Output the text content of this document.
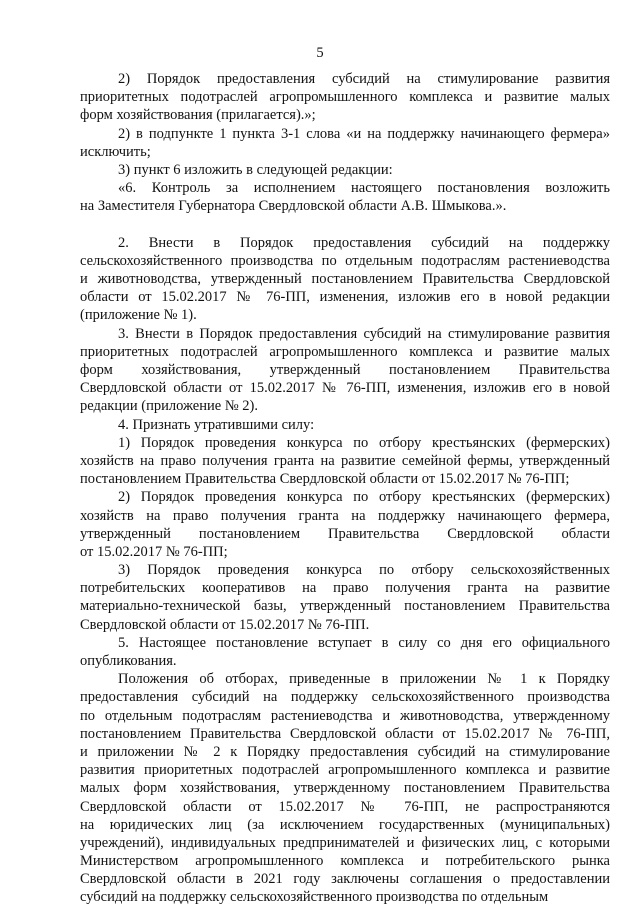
5
2) Порядок предоставления субсидий на стимулирование развития
приоритетных подотраслей агропромышленного комплекса и развитие малых
форм хозяйствования (прилагается).»;
2) в подпункте 1 пункта 3-1 слова «и на поддержку начинающего фермера»
исключить;
3) пункт 6 изложить в следующей редакции:
«6. Контроль за исполнением настоящего постановления возложить
на Заместителя Губернатора Свердловской области А.В. Шмыкова.».
2. Внести в Порядок предоставления субсидий на поддержку
сельскохозяйственного производства по отдельным подотраслям растениеводства
и животноводства, утвержденный постановлением Правительства Свердловской
области от 15.02.2017 № 76-ПП, изменения, изложив его в новой редакции
(приложение № 1).
3. Внести в Порядок предоставления субсидий на стимулирование развития
приоритетных подотраслей агропромышленного комплекса и развитие малых
форм хозяйствования, утвержденный постановлением Правительства
Свердловской области от 15.02.2017 № 76-ПП, изменения, изложив его в новой
редакции (приложение № 2).
4. Признать утратившими силу:
1) Порядок проведения конкурса по отбору крестьянских (фермерских)
хозяйств на право получения гранта на развитие семейной фермы, утвержденный
постановлением Правительства Свердловской области от 15.02.2017 № 76-ПП;
2) Порядок проведения конкурса по отбору крестьянских (фермерских)
хозяйств на право получения гранта на поддержку начинающего фермера,
утвержденный постановлением Правительства Свердловской области
от 15.02.2017 № 76-ПП;
3) Порядок проведения конкурса по отбору сельскохозяйственных
потребительских кооперативов на право получения гранта на развитие
материально-технической базы, утвержденный постановлением Правительства
Свердловской области от 15.02.2017 № 76-ПП.
5. Настоящее постановление вступает в силу со дня его официального
опубликования.
Положения об отборах, приведенные в приложении № 1 к Порядку
предоставления субсидий на поддержку сельскохозяйственного производства
по отдельным подотраслям растениеводства и животноводства, утвержденному
постановлением Правительства Свердловской области от 15.02.2017 № 76-ПП,
и приложении № 2 к Порядку предоставления субсидий на стимулирование
развития приоритетных подотраслей агропромышленного комплекса и развитие
малых форм хозяйствования, утвержденному постановлением Правительства
Свердловской области от 15.02.2017 № 76-ПП, не распространяются
на юридических лиц (за исключением государственных (муниципальных)
учреждений), индивидуальных предпринимателей и физических лиц, с которыми
Министерством агропромышленного комплекса и потребительского рынка
Свердловской области в 2021 году заключены соглашения о предоставлении
субсидий на поддержку сельскохозяйственного производства по отдельным
